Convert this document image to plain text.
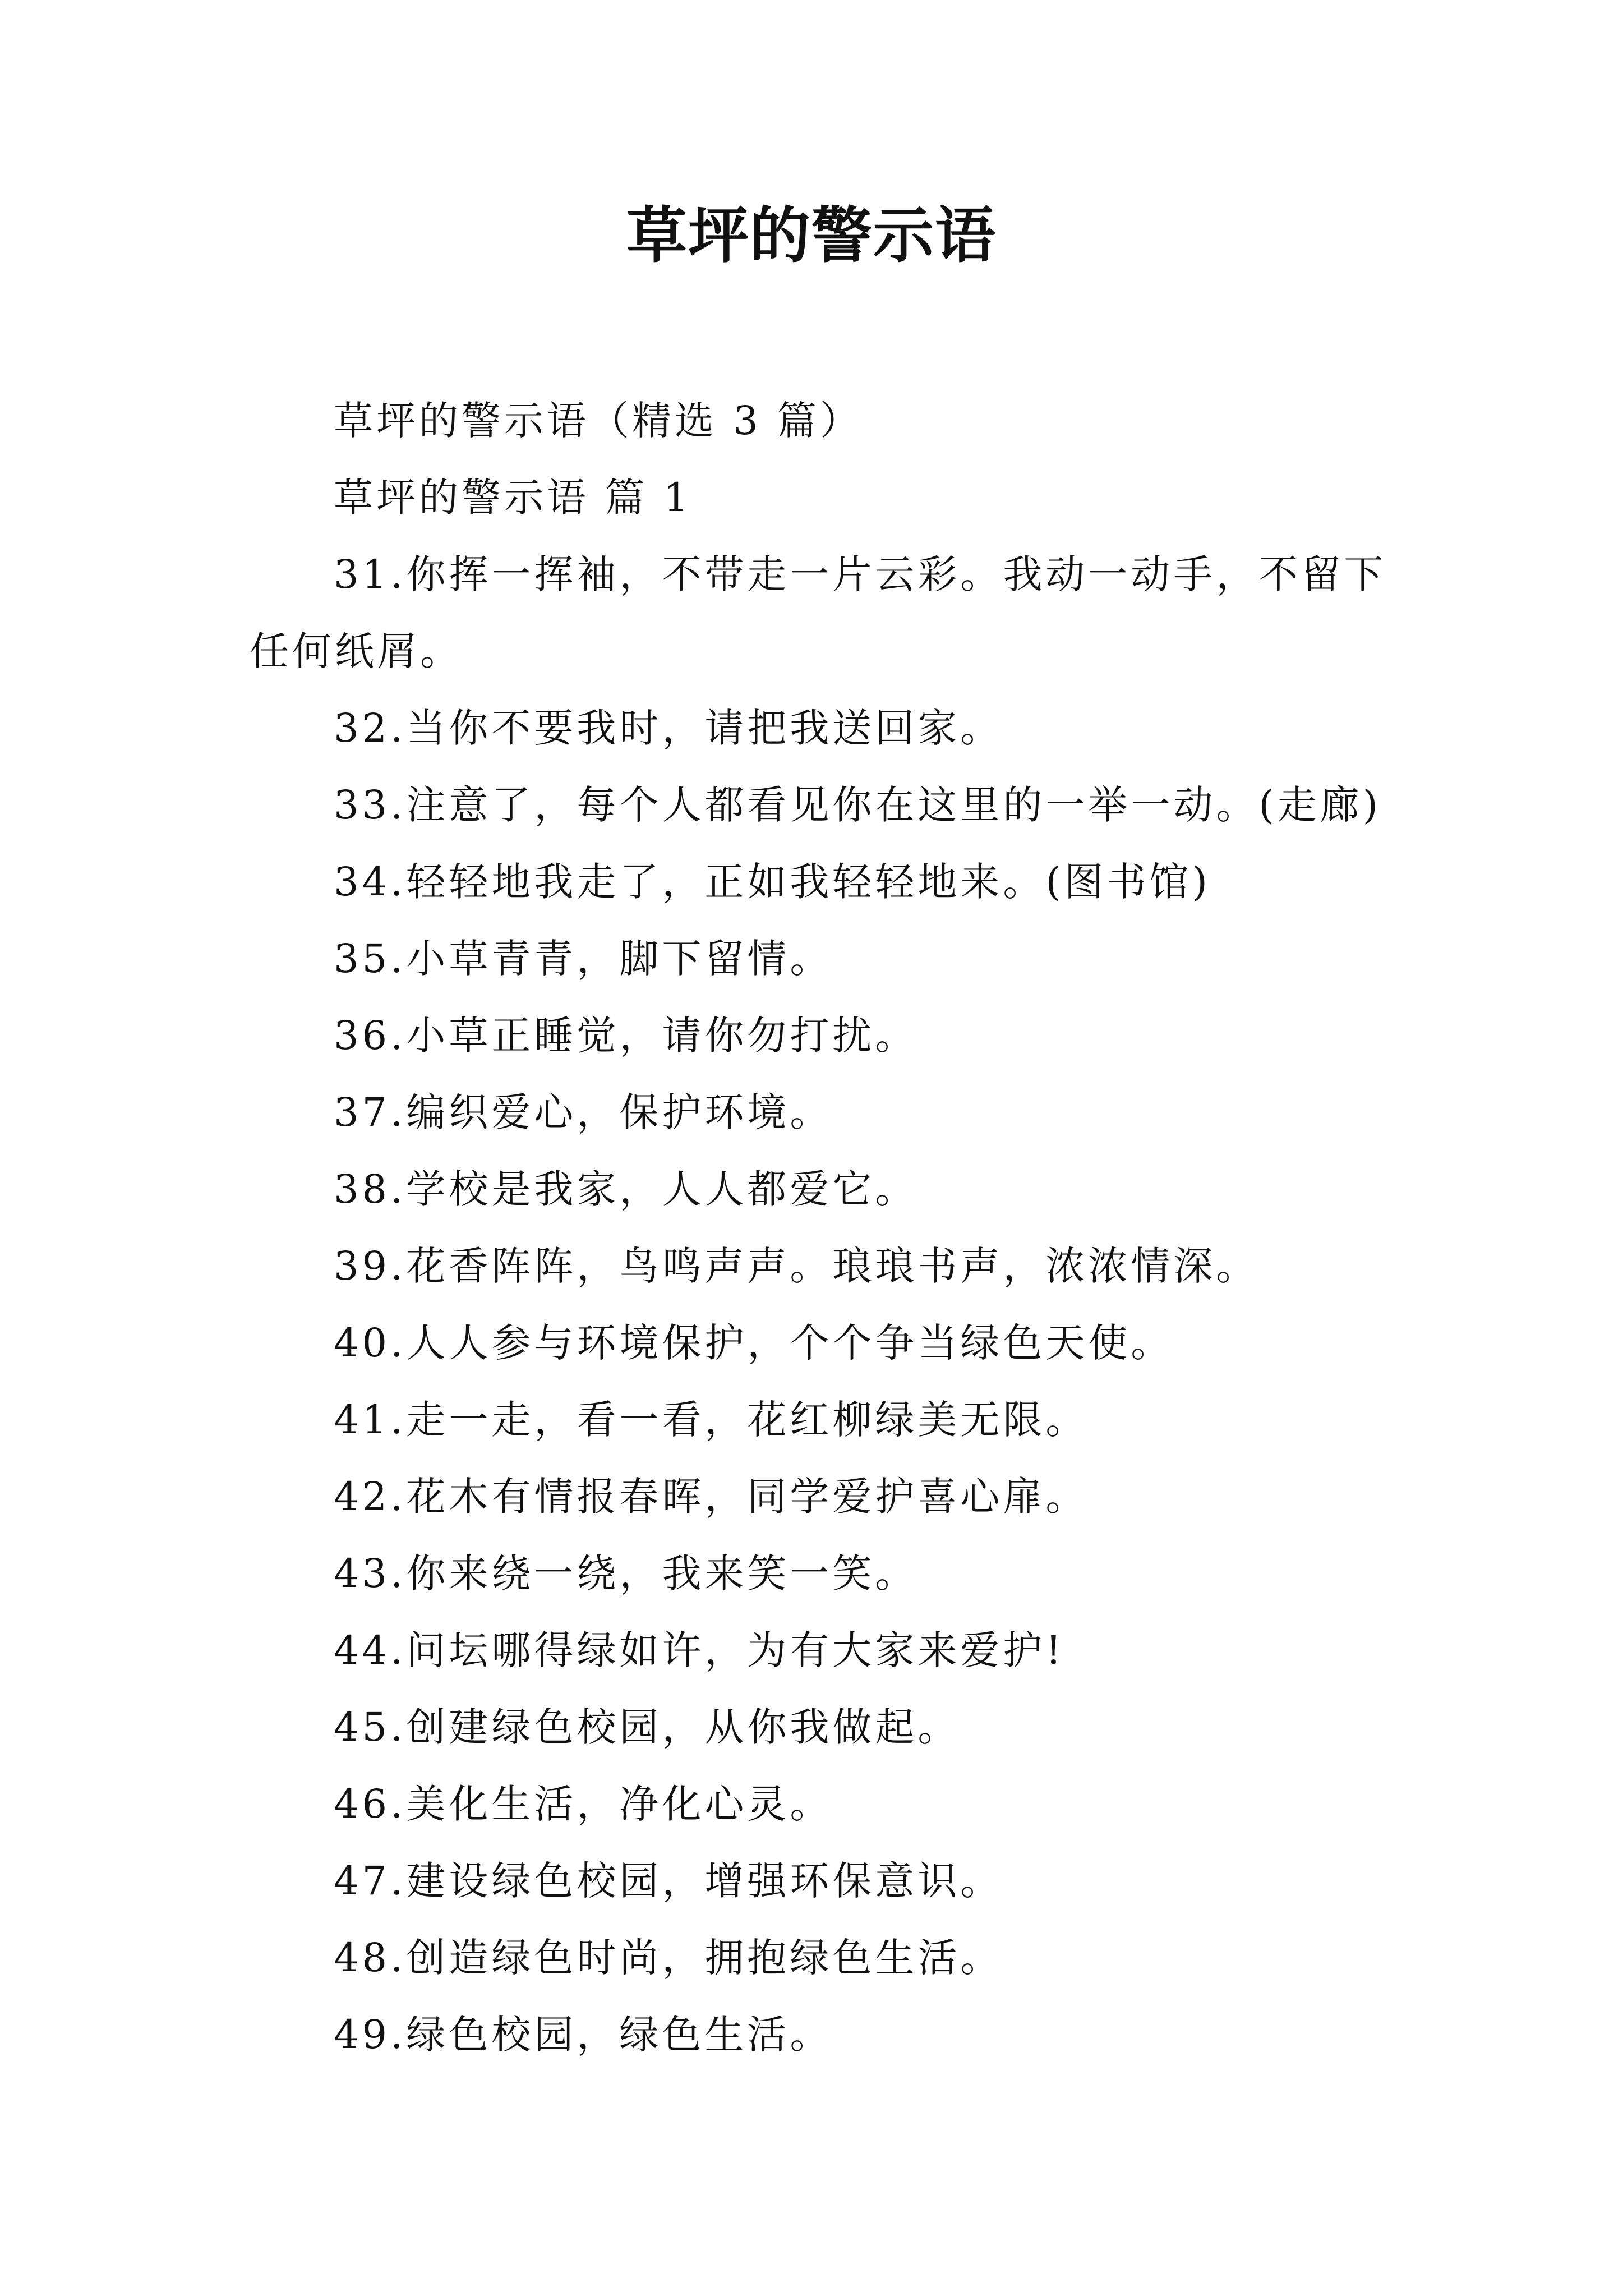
草坪的警示语

草坪的警示语（精选 3 篇）

草坪的警示语 篇 1

31.你挥一挥袖，不带走一片云彩。我动一动手，不留下任何纸屑。

32.当你不要我时，请把我送回家。

33.注意了，每个人都看见你在这里的一举一动。(走廊)

34.轻轻地我走了，正如我轻轻地来。(图书馆)

35.小草青青，脚下留情。

36.小草正睡觉，请你勿打扰。

37.编织爱心，保护环境。

38.学校是我家，人人都爱它。

39.花香阵阵，鸟鸣声声。琅琅书声，浓浓情深。

40.人人参与环境保护，个个争当绿色天使。

41.走一走，看一看，花红柳绿美无限。

42.花木有情报春晖，同学爱护喜心扉。

43.你来绕一绕，我来笑一笑。

44.问坛哪得绿如许，为有大家来爱护!

45.创建绿色校园，从你我做起。

46.美化生活，净化心灵。

47.建设绿色校园，增强环保意识。

48.创造绿色时尚，拥抱绿色生活。

49.绿色校园，绿色生活。
